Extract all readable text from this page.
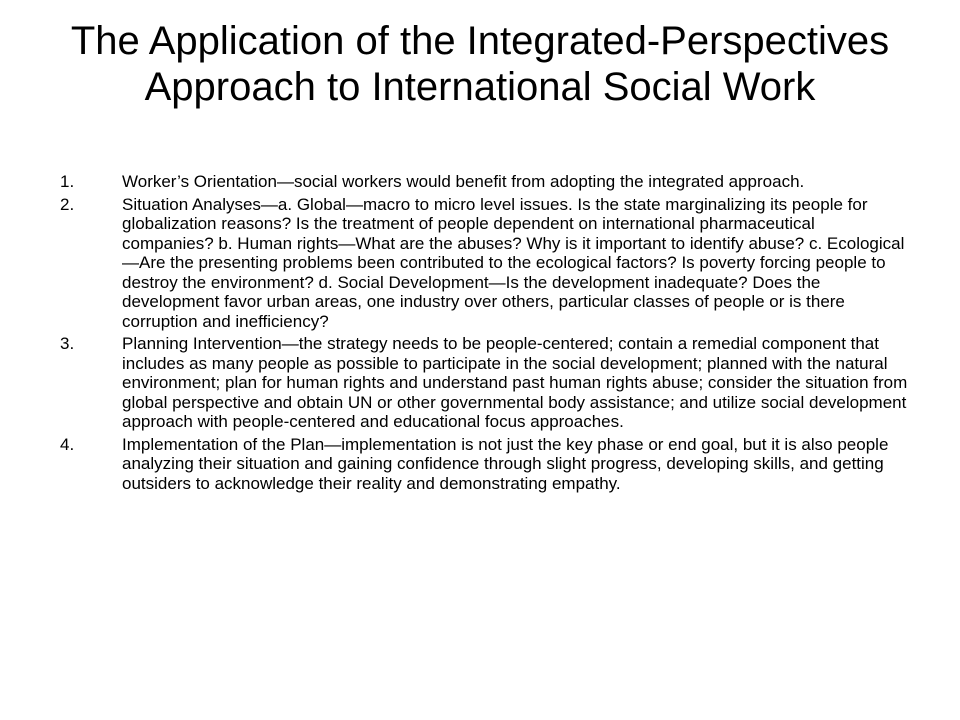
The Application of the Integrated-Perspectives Approach to International Social Work
1.	Worker’s Orientation—social workers would benefit from adopting the integrated approach.
2.	Situation Analyses—a. Global—macro to micro level issues. Is the state marginalizing its people for globalization reasons? Is the treatment of people dependent on international pharmaceutical companies? b. Human rights—What are the abuses? Why is it important to identify abuse? c. Ecological—Are the presenting problems been contributed to the ecological factors? Is poverty forcing people to destroy the environment? d. Social Development—Is the development inadequate? Does the development favor urban areas, one industry over others, particular classes of people or is there corruption and inefficiency?
3.	Planning Intervention—the strategy needs to be people-centered; contain a remedial component that includes as many people as possible to participate in the social development; planned with the natural environment; plan for human rights and understand past human rights abuse; consider the situation from global perspective and obtain UN or other governmental body assistance; and utilize social development approach with people-centered and educational focus approaches.
4.	Implementation of the Plan—implementation is not just the key phase or end goal, but it is also people analyzing their situation and gaining confidence through slight progress, developing skills, and getting outsiders to acknowledge their reality and demonstrating empathy.
